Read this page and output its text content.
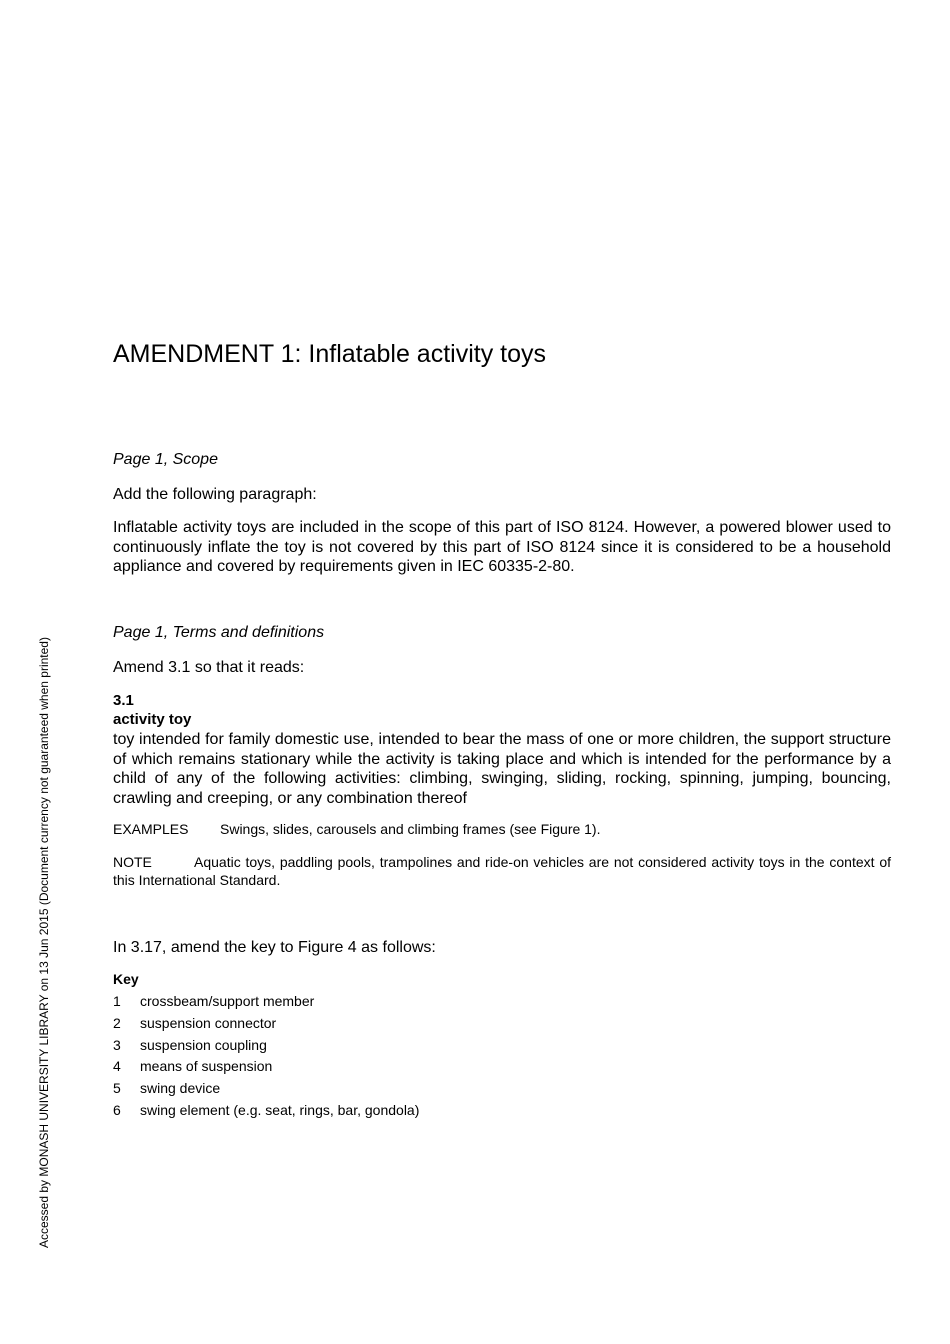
Accessed by MONASH UNIVERSITY LIBRARY on 13 Jun 2015 (Document currency not guaranteed when printed)
AMENDMENT 1: Inflatable activity toys

Page 1, Scope

Add the following paragraph:

Inflatable activity toys are included in the scope of this part of ISO 8124. However, a powered blower used to continuously inflate the toy is not covered by this part of ISO 8124 since it is considered to be a household appliance and covered by requirements given in IEC 60335-2-80.

Page 1, Terms and definitions

Amend 3.1 so that it reads:

3.1

activity toy

toy intended for family domestic use, intended to bear the mass of one or more children, the support structure of which remains stationary while the activity is taking place and which is intended for the performance by a child of any of the following activities: climbing, swinging, sliding, rocking, spinning, jumping, bouncing, crawling and creeping, or any combination thereof

EXAMPLES Swings, slides, carousels and climbing frames (see Figure 1).

NOTE	Aquatic toys, paddling pools, trampolines and ride-on vehicles are not considered activity toys in the context of this International Standard.

In 3.17, amend the key to Figure 4 as follows:

Key

1 crossbeam/support member
2 suspension connector
3 suspension coupling
4 means of suspension
5 swing device
6 swing element (e.g. seat, rings, bar, gondola)
